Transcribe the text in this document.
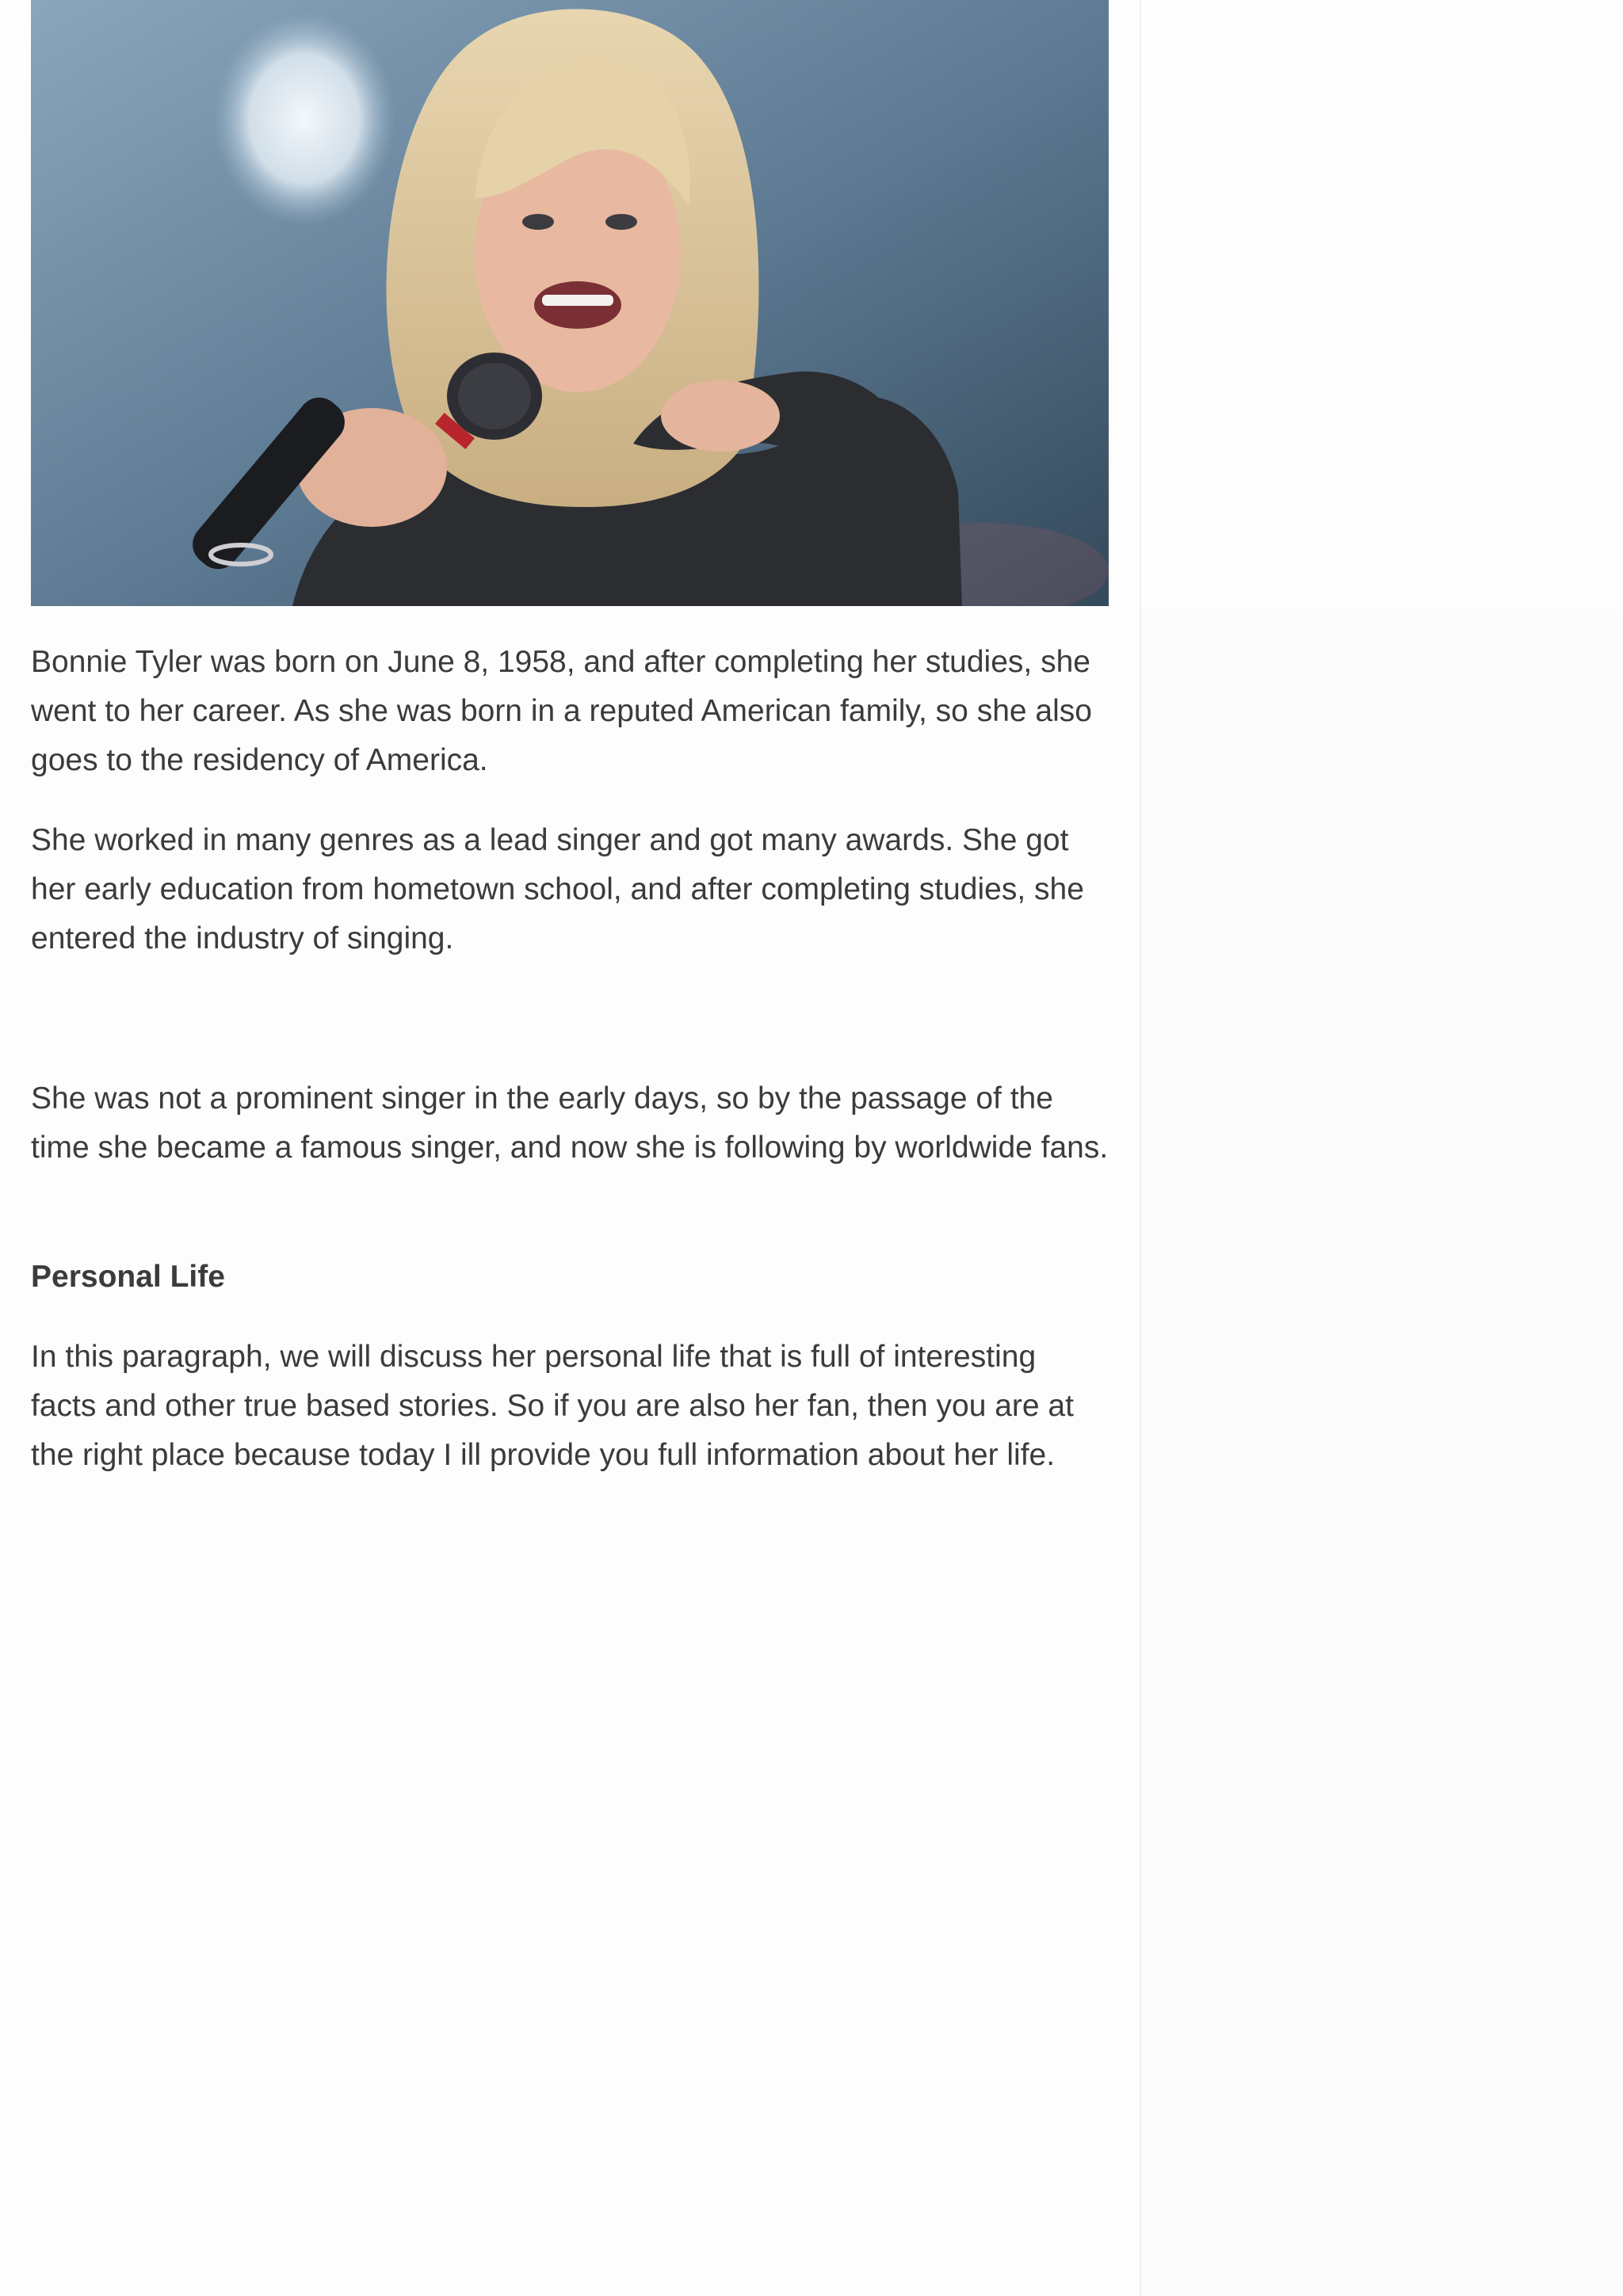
Bonnie Tyler was born on June 8, 1958, and after completing her studies, she went to her career. As she was born in a reputed American family, so she also goes to the residency of America.

She worked in many genres as a lead singer and got many awards. She got her early education from hometown school, and after completing studies, she entered the industry of singing.

She was not a prominent singer in the early days, so by the passage of the time she became a famous singer, and now she is following by worldwide fans.

Personal Life

In this paragraph, we will discuss her personal life that is full of interesting facts and other true based stories. So if you are also her fan, then you are at the right place because today I ill provide you full information about her life.
